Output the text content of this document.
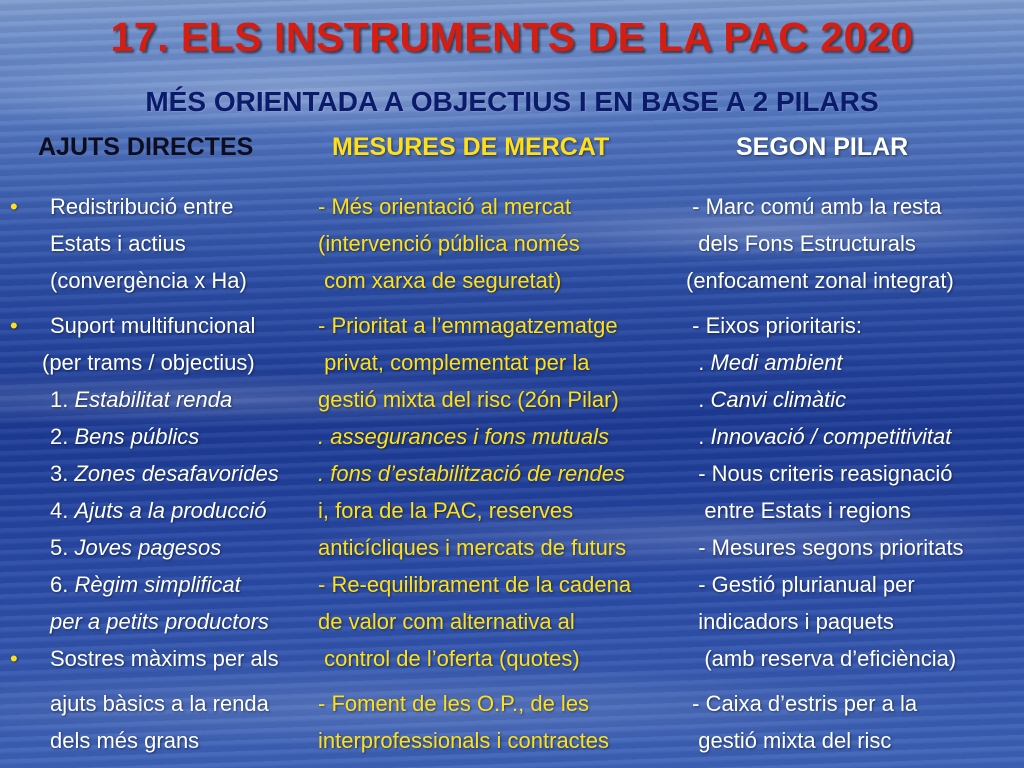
17. ELS INSTRUMENTS DE LA PAC 2020
MÉS ORIENTADA A OBJECTIUS I EN BASE A 2 PILARS
AJUTS DIRECTES	MESURES DE MERCAT	SEGON PILAR
• Redistribució entre
Estats i actius
(convergència x Ha)
• Suport multifuncional
(per trams / objectius)
1. Estabilitat renda
2. Bens públics
3. Zones desafavorides
4. Ajuts a la producció
5. Joves pagesos
6. Règim simplificat
per a petits productors
• Sostres màxims per als
ajuts bàsics a la renda
dels més grans
- Més orientació al mercat
(intervenció pública només
com xarxa de seguretat)
- Prioritat a l’emmagatzematge
privat, complementat per la
gestió mixta del risc (2ón Pilar)
. assegurances i fons mutuals
. fons d’estabilització de rendes
i, fora de la PAC, reserves
anticícliques i mercats de futurs
- Re-equilibrament de la cadena
de valor com alternativa al
control de l’oferta (quotes)
- Foment de les O.P., de les
interprofessionals i contractes
- Marc comú amb la resta
dels Fons Estructurals
(enfocament zonal integrat)
- Eixos prioritaris:
. Medi ambient
. Canvi climàtic
. Innovació / competitivitat
- Nous criteris reasignació
entre Estats i regions
- Mesures segons prioritats
- Gestió plurianual per
indicadors i paquets
(amb reserva d’eficiència)
- Caixa d’estris per a la
gestió mixta del risc
